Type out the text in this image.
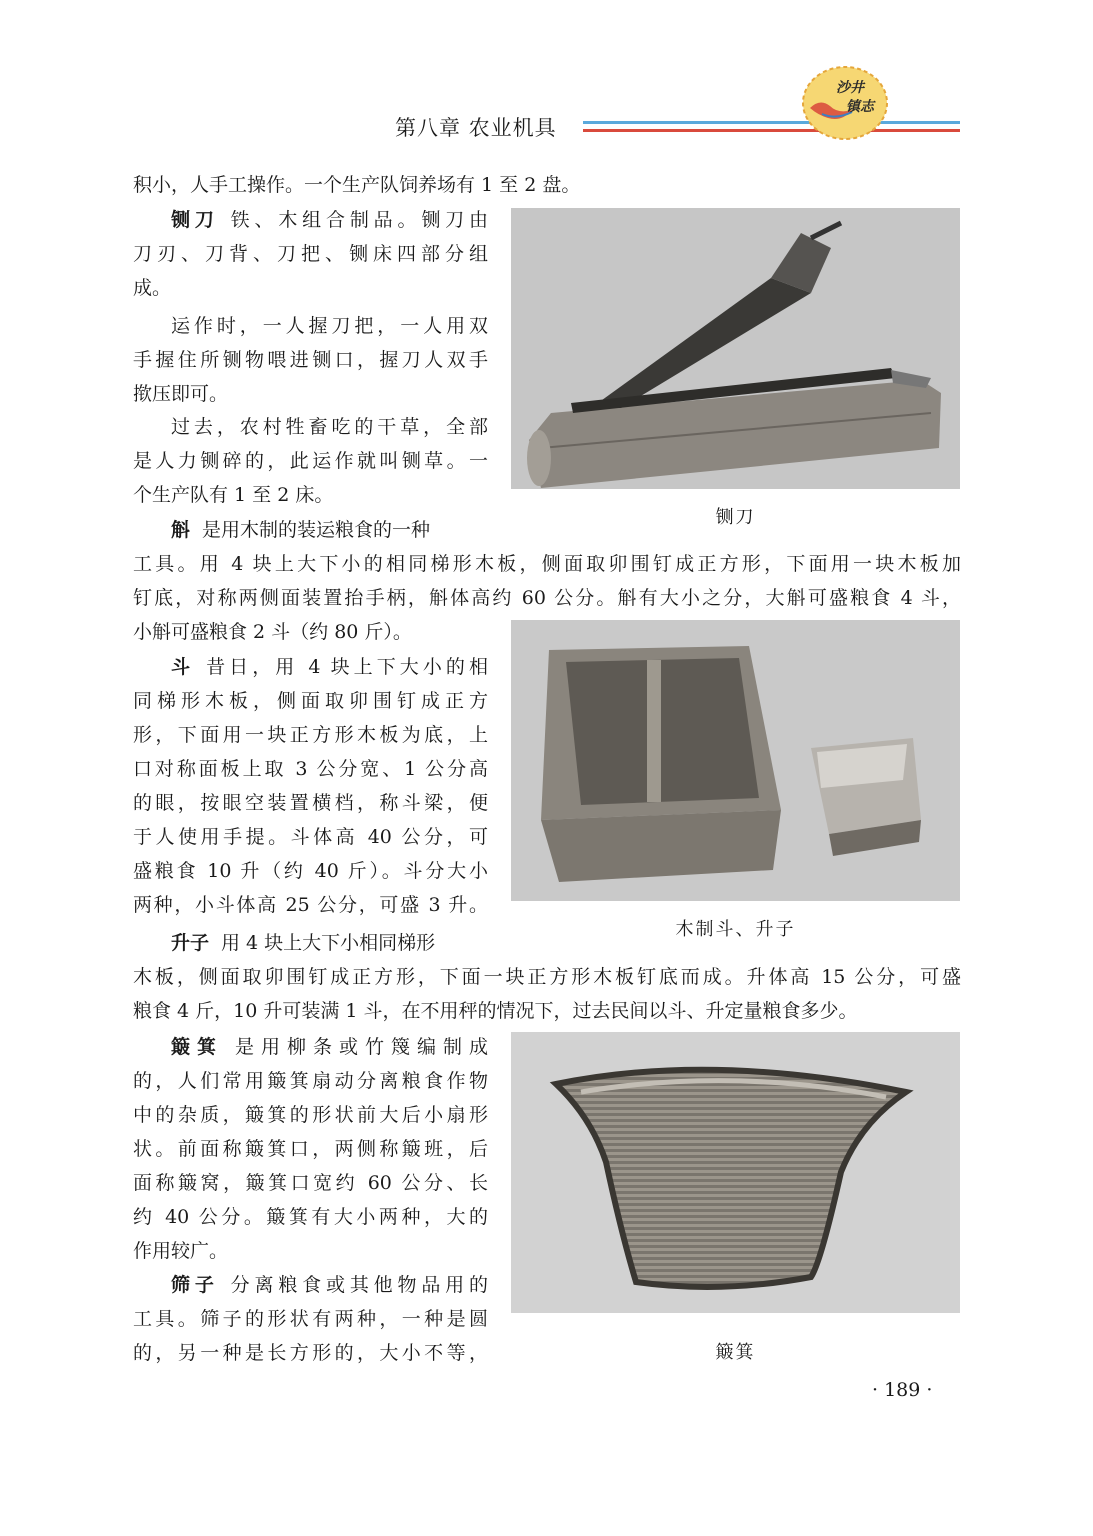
第八章 农业机具
沙井
镇志
积小，人手工操作。一个生产队饲养场有 1 至 2 盘。
铡刀 铁、木组合制品。铡刀由
刀刃、刀背、刀把、铡床四部分组
成。
运作时，一人握刀把，一人用双
手握住所铡物喂进铡口，握刀人双手
揿压即可。
过去，农村牲畜吃的干草，全部
是人力铡碎的，此运作就叫铡草。一
个生产队有 1 至 2 床。
斛 是用木制的装运粮食的一种
工具。用 4 块上大下小的相同梯形木板，侧面取卯围钉成正方形，下面用一块木板加
钉底，对称两侧面装置抬手柄，斛体高约 60 公分。斛有大小之分，大斛可盛粮食 4 斗，
小斛可盛粮食 2 斗（约 80 斤）。
斗 昔日，用 4 块上下大小的相
同梯形木板，侧面取卯围钉成正方
形，下面用一块正方形木板为底，上
口对称面板上取 3 公分宽、1 公分高
的眼，按眼空装置横档，称斗梁，便
于人使用手提。斗体高 40 公分，可
盛粮食 10 升（约 40 斤）。斗分大小
两种，小斗体高 25 公分，可盛 3 升。
升子 用 4 块上大下小相同梯形
木板，侧面取卯围钉成正方形，下面一块正方形木板钉底而成。升体高 15 公分，可盛
粮食 4 斤，10 升可装满 1 斗，在不用秤的情况下，过去民间以斗、升定量粮食多少。
簸箕 是用柳条或竹篾编制成
的，人们常用簸箕扇动分离粮食作物
中的杂质，簸箕的形状前大后小扇形
状。前面称簸箕口，两侧称簸班，后
面称簸窝，簸箕口宽约 60 公分、长
约 40 公分。簸箕有大小两种，大的
作用较广。
筛子 分离粮食或其他物品用的
工具。筛子的形状有两种，一种是圆
的，另一种是长方形的，大小不等，
铡刀
木制斗、升子
簸箕
· 189 ·
